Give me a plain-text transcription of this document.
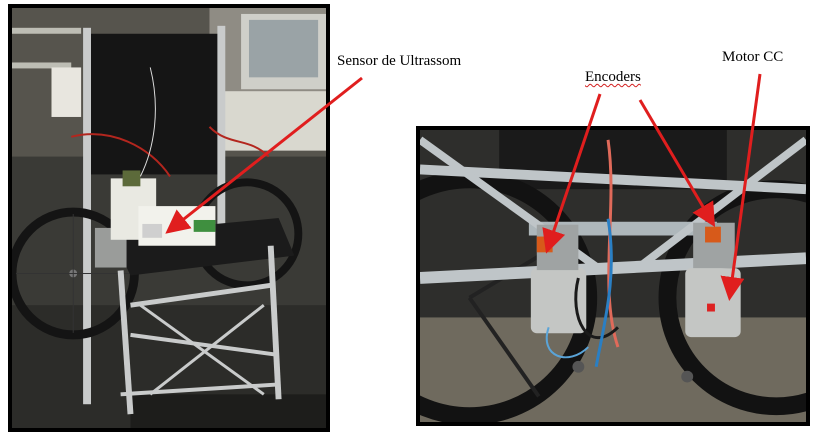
Sensor de Ultrassom
Encoders
Motor CC
